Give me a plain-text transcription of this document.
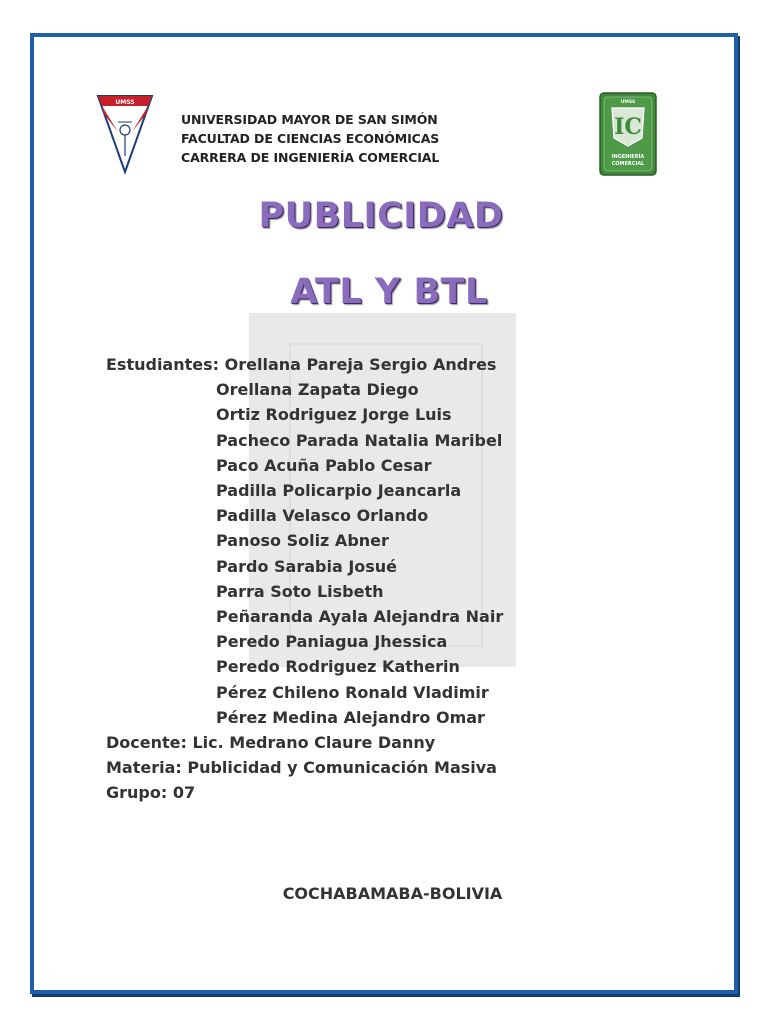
UMSS
UNIVERSIDAD MAYOR DE SAN SIMÓN
FACULTAD DE CIENCIAS ECONÓMICAS
CARRERA DE INGENIERÍA COMERCIAL
UMSS
IC
INGENIERÍA
COMERCIAL
PUBLICIDAD
ATL Y BTL
Estudiantes: Orellana Pareja Sergio Andres
Orellana Zapata Diego
Ortiz Rodriguez Jorge Luis
Pacheco Parada Natalia Maribel
Paco Acuña Pablo Cesar
Padilla Policarpio Jeancarla
Padilla Velasco Orlando
Panoso Soliz Abner
Pardo Sarabia Josué
Parra Soto Lisbeth
Peñaranda Ayala Alejandra Nair
Peredo Paniagua Jhessica
Peredo Rodriguez Katherin
Pérez Chileno Ronald Vladimir
Pérez Medina Alejandro Omar
Docente: Lic. Medrano Claure Danny
Materia: Publicidad y Comunicación Masiva
Grupo: 07
COCHABAMABA-BOLIVIA
